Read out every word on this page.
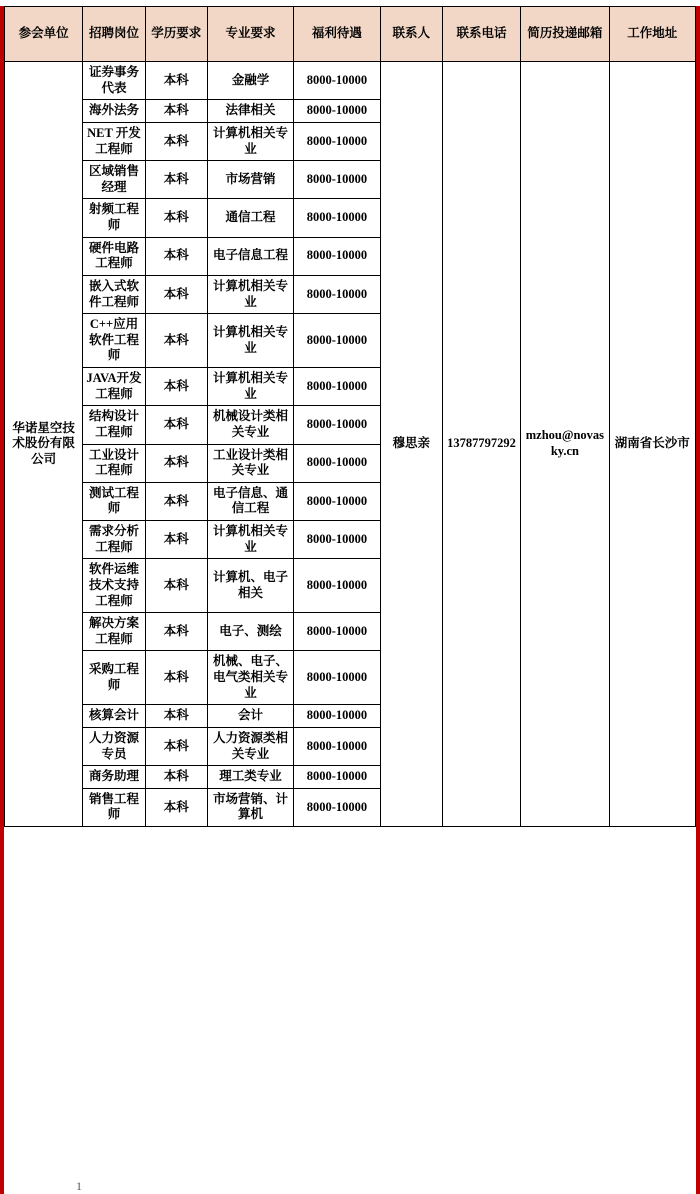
参会单位	招聘岗位	学历要求	专业要求	福利待遇	联系人	联系电话	简历投递邮箱	工作地址
华诺星空技术股份有限公司	证券事务代表	本科	金融学	8000-10000	穆思亲	13787797292	mzhou@novasky.cn	湖南省长沙市
	海外法务	本科	法律相关	8000-10000				
	NET 开发工程师	本科	计算机相关专业	8000-10000				
	区域销售经理	本科	市场营销	8000-10000				
	射频工程师	本科	通信工程	8000-10000				
	硬件电路工程师	本科	电子信息工程	8000-10000				
	嵌入式软件工程师	本科	计算机相关专业	8000-10000				
	C++应用软件工程师	本科	计算机相关专业	8000-10000				
	JAVA开发工程师	本科	计算机相关专业	8000-10000				
	结构设计工程师	本科	机械设计类相关专业	8000-10000				
	工业设计工程师	本科	工业设计类相关专业	8000-10000				
	测试工程师	本科	电子信息、通信工程	8000-10000				
	需求分析工程师	本科	计算机相关专业	8000-10000				
	软件运维技术支持工程师	本科	计算机、电子相关	8000-10000				
	解决方案工程师	本科	电子、测绘	8000-10000				
	采购工程师	本科	机械、电子、电气类相关专业	8000-10000				
	核算会计	本科	会计	8000-10000				
	人力资源专员	本科	人力资源类相关专业	8000-10000				
	商务助理	本科	理工类专业	8000-10000				
	销售工程师	本科	市场营销、计算机	8000-10000				
1
